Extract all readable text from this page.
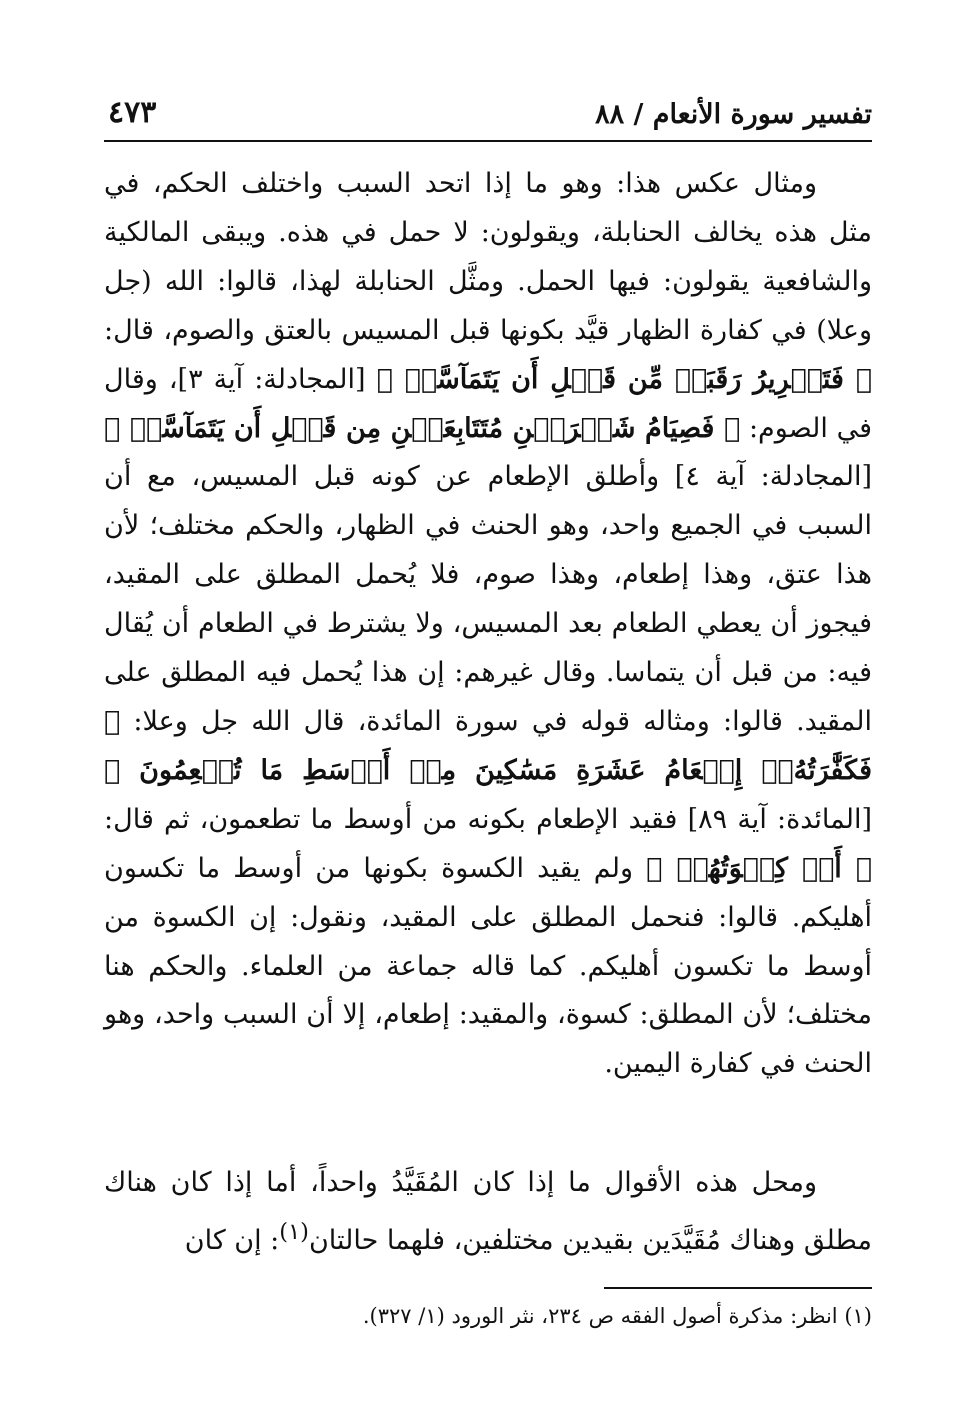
تفسير سورة الأنعام / ٨٨
٤٧٣

ومثال عكس هذا: وهو ما إذا اتحد السبب واختلف الحكم، في مثل هذه يخالف الحنابلة، ويقولون: لا حمل في هذه. ويبقى المالكية والشافعية يقولون: فيها الحمل. ومثَّل الحنابلة لهذا، قالوا: الله (جل وعلا) في كفارة الظهار قيَّد بكونها قبل المسيس بالعتق والصوم، قال: ﴿ فَتَحۡرِيرُ رَقَبَةٖ مِّن قَبۡلِ أَن يَتَمَآسَّاۚ ﴾ [المجادلة: آية ٣]، وقال في الصوم: ﴿ فَصِيَامُ شَهۡرَيۡنِ مُتَتَابِعَيۡنِ مِن قَبۡلِ أَن يَتَمَآسَّاۖ ﴾ [المجادلة: آية ٤] وأطلق الإطعام عن كونه قبل المسيس، مع أن السبب في الجميع واحد، وهو الحنث في الظهار، والحكم مختلف؛ لأن هذا عتق، وهذا إطعام، وهذا صوم، فلا يُحمل المطلق على المقيد، فيجوز أن يعطي الطعام بعد المسيس، ولا يشترط في الطعام أن يُقال فيه: من قبل أن يتماسا. وقال غيرهم: إن هذا يُحمل فيه المطلق على المقيد. قالوا: ومثاله قوله في سورة المائدة، قال الله جل وعلا: ﴿ فَكَفَّٰرَتُهُۥٓ إِطۡعَامُ عَشَرَةِ مَسَٰكِينَ مِنۡ أَوۡسَطِ مَا تُطۡعِمُونَ ﴾ [المائدة: آية ٨٩] فقيد الإطعام بكونه من أوسط ما تطعمون، ثم قال: ﴿ أَوۡ كِسۡوَتُهُمۡ ﴾ ولم يقيد الكسوة بكونها من أوسط ما تكسون أهليكم. قالوا: فنحمل المطلق على المقيد، ونقول: إن الكسوة من أوسط ما تكسون أهليكم. كما قاله جماعة من العلماء. والحكم هنا مختلف؛ لأن المطلق: كسوة، والمقيد: إطعام، إلا أن السبب واحد، وهو الحنث في كفارة اليمين.

ومحل هذه الأقوال ما إذا كان المُقَيَّدُ واحداً، أما إذا كان هناك مطلق وهناك مُقَيَّدَين بقيدين مختلفين، فلهما حالتان$^{(١)}$: إن كان

(١) انظر: مذكرة أصول الفقه ص ٢٣٤، نثر الورود (١/ ٣٢٧).
